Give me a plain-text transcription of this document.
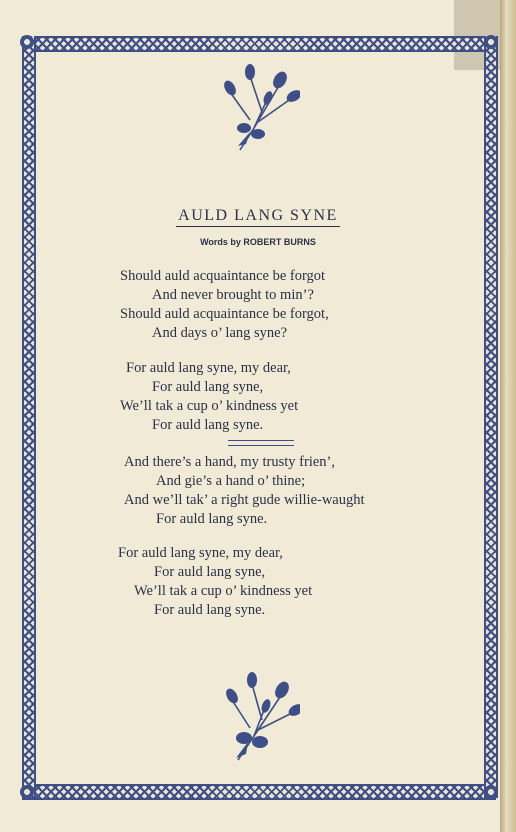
AULD LANG SYNE
Words by ROBERT BURNS
Should auld acquaintance be forgot
And never brought to min’?
Should auld acquaintance be forgot,
And days o’ lang syne?
For auld lang syne, my dear,
For auld lang syne,
We’ll tak a cup o’ kindness yet
For auld lang syne.
And there’s a hand, my trusty frien’,
And gie’s a hand o’ thine;
And we’ll tak’ a right gude willie-waught
For auld lang syne.
For auld lang syne, my dear,
For auld lang syne,
We’ll tak a cup o’ kindness yet
For auld lang syne.
